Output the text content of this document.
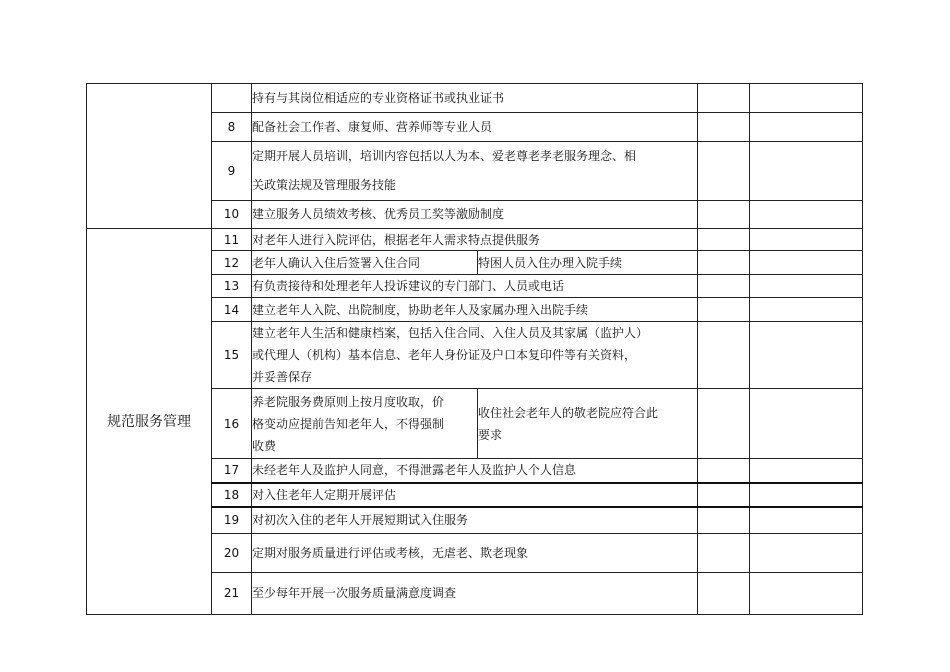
		持有与其岗位相适应的专业资格证书或执业证书			

	8	配备社会工作者、康复师、营养师等专业人员			

	9	定期开展人员培训，培训内容包括以人为本、爱老尊老孝老服务理念、相
关政策法规及管理服务技能			

	10	建立服务人员绩效考核、优秀员工奖等激励制度			

规范服务管理	11	对老年人进行入院评估，根据老年人需求特点提供服务			

	12	老年人确认入住后签署入住合同	特困人员入住办理入院手续		
	13	有负责接待和处理老年人投诉建议的专门部门、人员或电话			

	14	建立老年人入院、出院制度，协助老年人及家属办理入出院手续			

	15	建立老年人生活和健康档案，包括入住合同、入住人员及其家属（监护人）
或代理人（机构）基本信息、老年人身份证及户口本复印件等有关资料，
并妥善保存			

	16	养老院服务费原则上按月度收取，价
格变动应提前告知老年人，不得强制
收费	收住社会老年人的敬老院应符合此
要求		

	17	未经老年人及监护人同意，不得泄露老年人及监护人个人信息			

	18	对入住老年人定期开展评估			

	19	对初次入住的老年人开展短期试入住服务			

	20	定期对服务质量进行评估或考核，无虐老、欺老现象			

	21	至少每年开展一次服务质量满意度调查			
